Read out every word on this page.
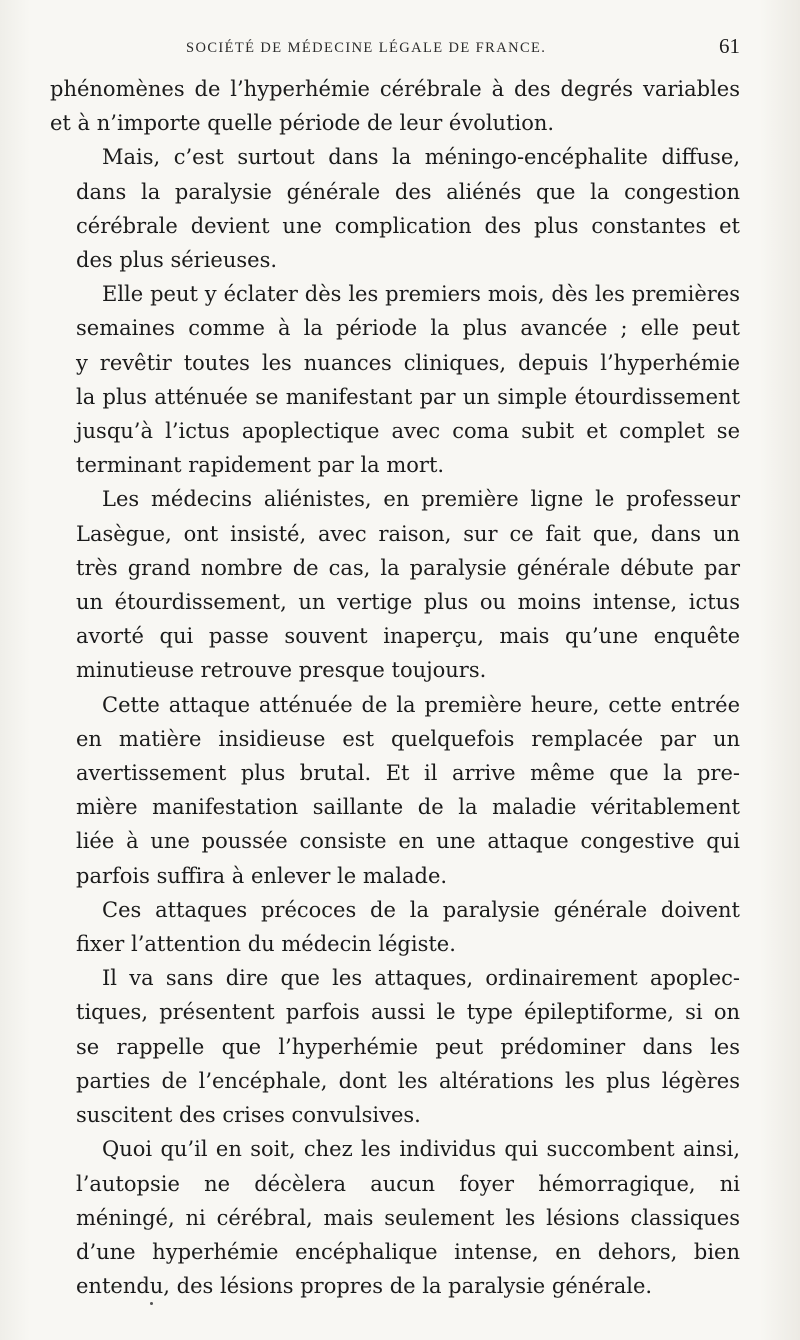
SOCIÉTÉ DE MÉDECINE LÉGALE DE FRANCE.	61

phénomènes de l’hyperhémie cérébrale à des degrés variables
et à n’importe quelle période de leur évolution.

Mais, c’est surtout dans la méningo-encéphalite diffuse,
dans la paralysie générale des aliénés que la congestion
cérébrale devient une complication des plus constantes et
des plus sérieuses.

Elle peut y éclater dès les premiers mois, dès les premières
semaines comme à la période la plus avancée ; elle peut
y revêtir toutes les nuances cliniques, depuis l’hyperhémie
la plus atténuée se manifestant par un simple étourdissement
jusqu’à l’ictus apoplectique avec coma subit et complet se
terminant rapidement par la mort.

Les médecins aliénistes, en première ligne le professeur
Lasègue, ont insisté, avec raison, sur ce fait que, dans un
très grand nombre de cas, la paralysie générale débute par
un étourdissement, un vertige plus ou moins intense, ictus
avorté qui passe souvent inaperçu, mais qu’une enquête
minutieuse retrouve presque toujours.

Cette attaque atténuée de la première heure, cette entrée
en matière insidieuse est quelquefois remplacée par un
avertissement plus brutal. Et il arrive même que la pre-
mière manifestation saillante de la maladie véritablement
liée à une poussée consiste en une attaque congestive qui
parfois suffira à enlever le malade.

Ces attaques précoces de la paralysie générale doivent
fixer l’attention du médecin légiste.

Il va sans dire que les attaques, ordinairement apoplec-
tiques, présentent parfois aussi le type épileptiforme, si on
se rappelle que l’hyperhémie peut prédominer dans les
parties de l’encéphale, dont les altérations les plus légères
suscitent des crises convulsives.

Quoi qu’il en soit, chez les individus qui succombent ainsi,
l’autopsie ne décèlera aucun foyer hémorragique, ni
méningé, ni cérébral, mais seulement les lésions classiques
d’une hyperhémie encéphalique intense, en dehors, bien
entendu, des lésions propres de la paralysie générale.
